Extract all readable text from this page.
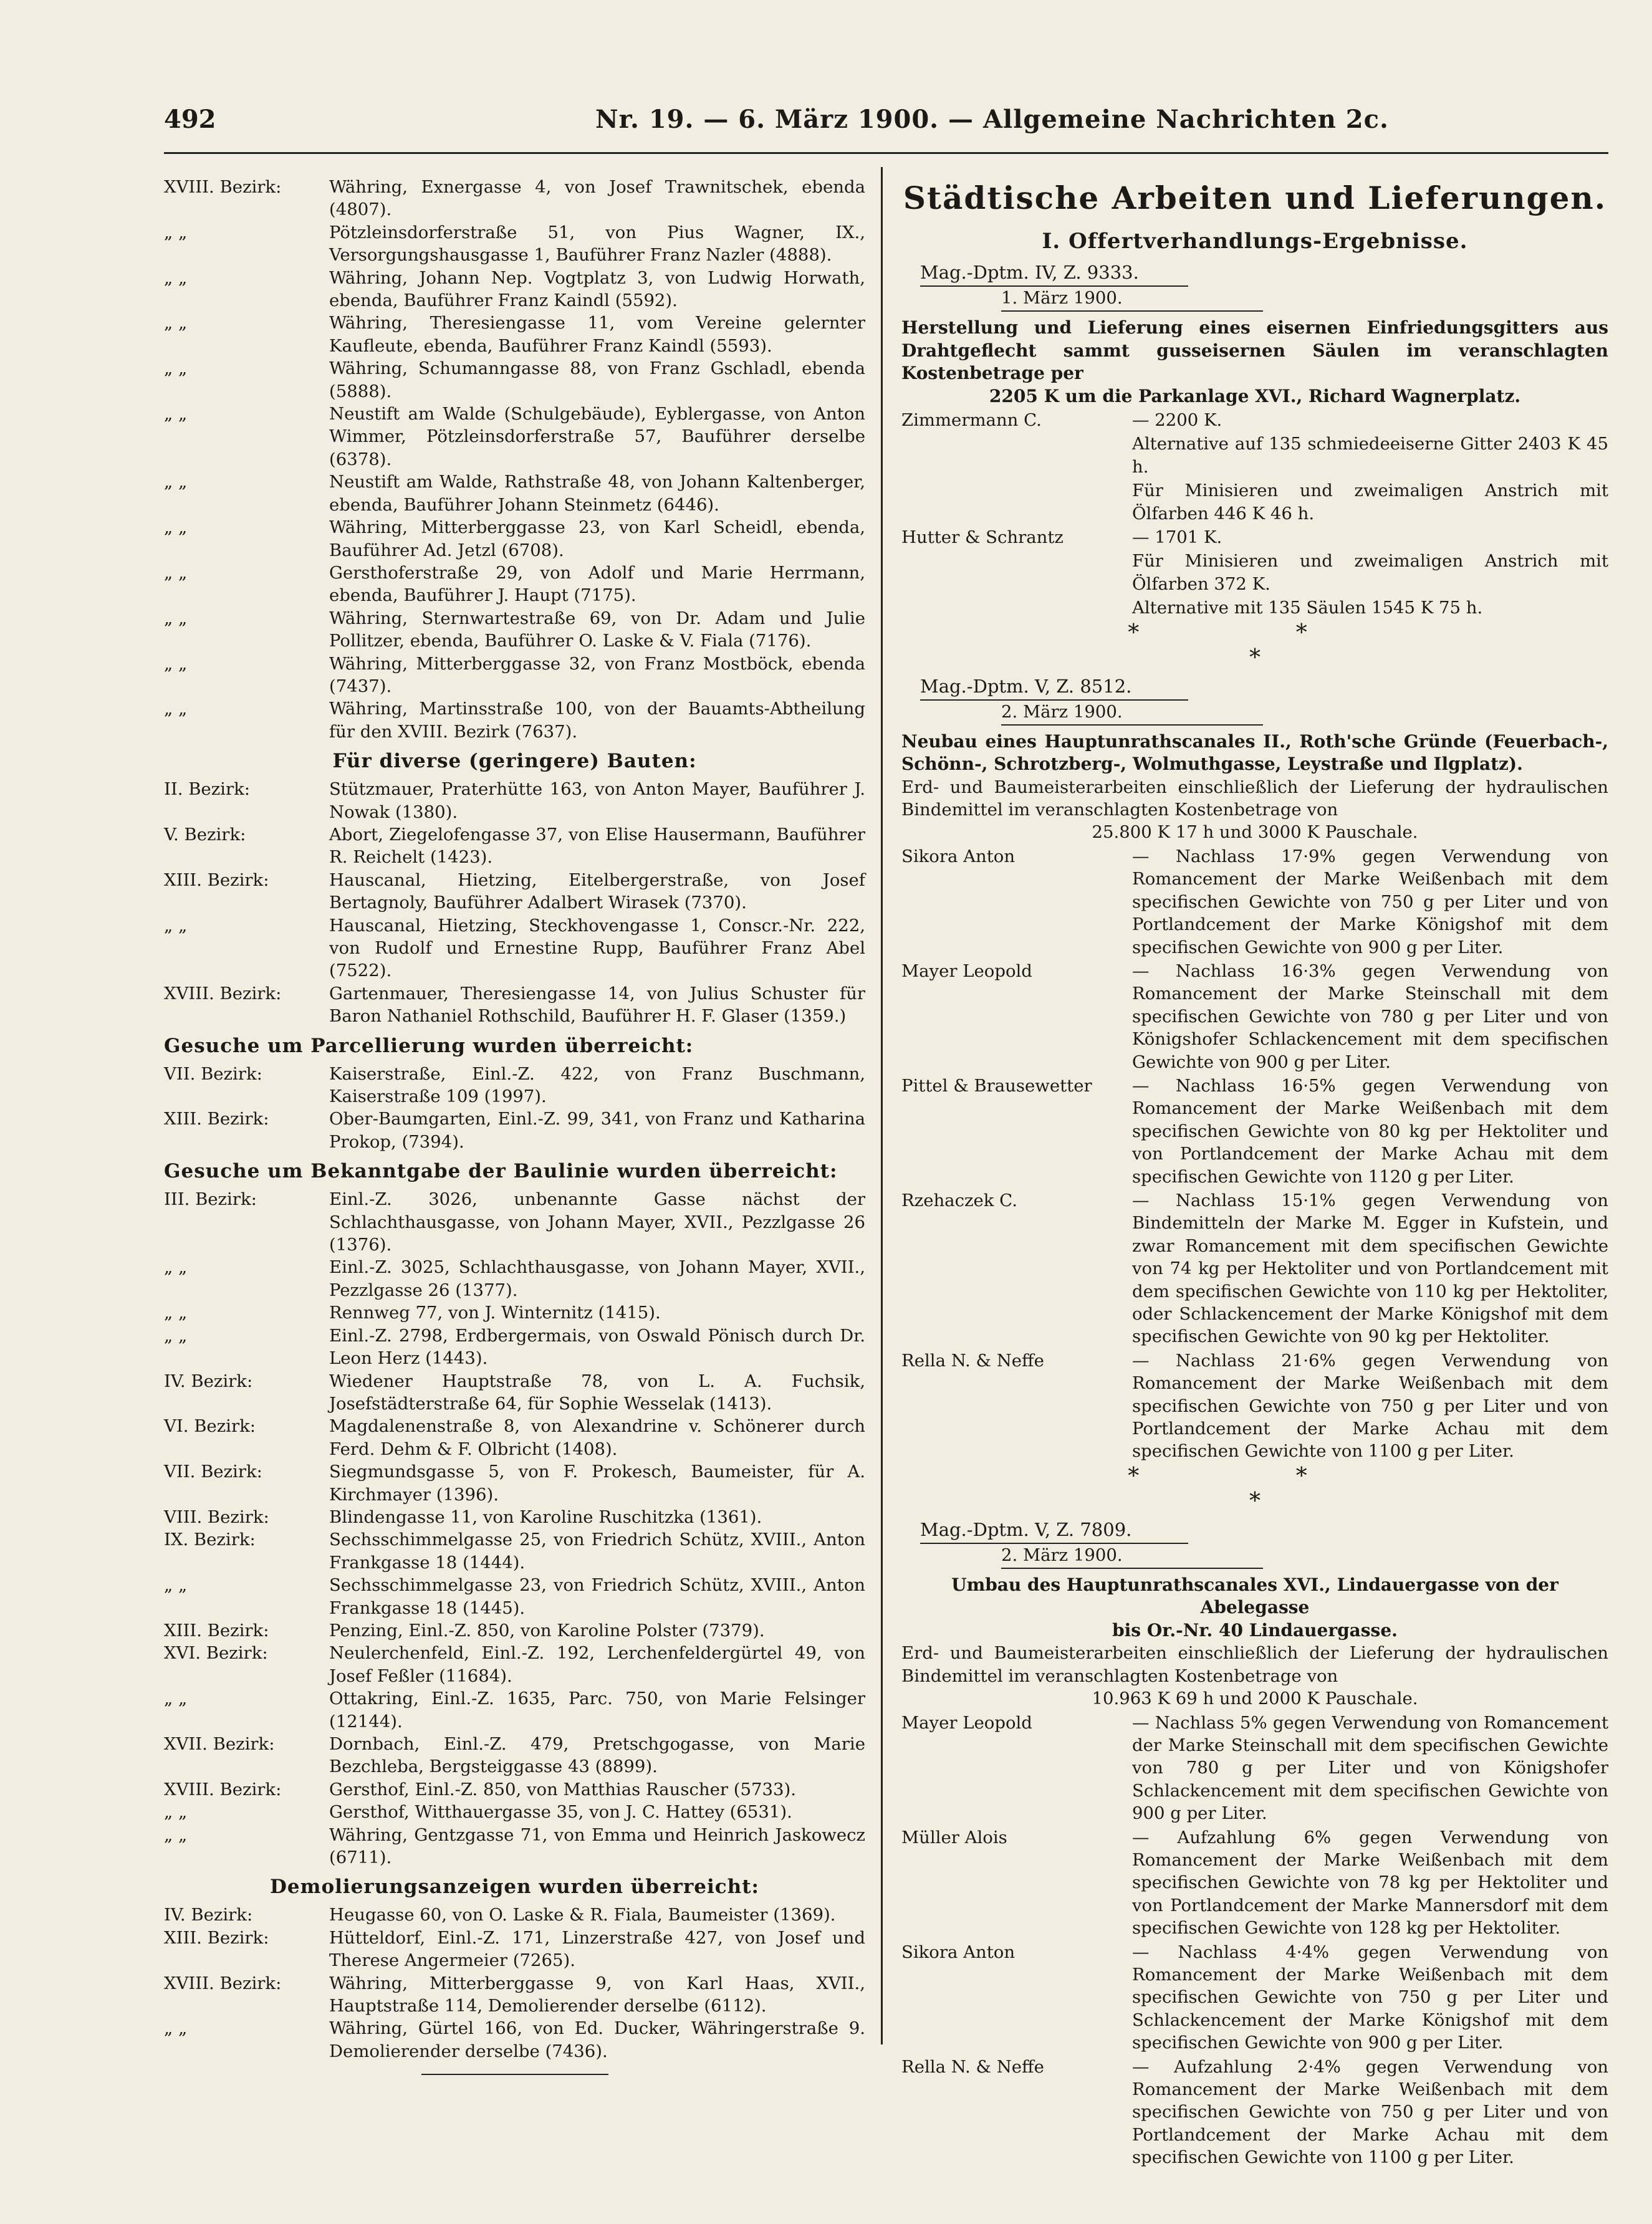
492	Nr. 19. — 6. März 1900. — Allgemeine Nachrichten 2c.
XVIII. Bezirk:	Währing, Exnergasse 4, von Josef Trawnitschek, ebenda (4807).
„ „	Pötzleinsdorferstraße 51, von Pius Wagner, IX., Versorgungshausgasse 1, Bauführer Franz Nazler (4888).
„ „	Währing, Johann Nep. Vogtplatz 3, von Ludwig Horwath, ebenda, Bauführer Franz Kaindl (5592).
„ „	Währing, Theresiengasse 11, vom Vereine gelernter Kaufleute, ebenda, Bauführer Franz Kaindl (5593).
„ „	Währing, Schumanngasse 88, von Franz Gschladl, ebenda (5888).
„ „	Neustift am Walde (Schulgebäude), Eyblergasse, von Anton Wimmer, Pötzleinsdorferstraße 57, Bauführer derselbe (6378).
„ „	Neustift am Walde, Rathstraße 48, von Johann Kaltenberger, ebenda, Bauführer Johann Steinmetz (6446).
„ „	Währing, Mitterberggasse 23, von Karl Scheidl, ebenda, Bauführer Ad. Jetzl (6708).
„ „	Gersthoferstraße 29, von Adolf und Marie Herrmann, ebenda, Bauführer J. Haupt (7175).
„ „	Währing, Sternwartestraße 69, von Dr. Adam und Julie Pollitzer, ebenda, Bauführer O. Laske & V. Fiala (7176).
„ „	Währing, Mitterberggasse 32, von Franz Mostböck, ebenda (7437).
„ „	Währing, Martinsstraße 100, von der Bauamts-Abtheilung für den XVIII. Bezirk (7637).
Für diverse (geringere) Bauten:
II. Bezirk:	Stützmauer, Praterhütte 163, von Anton Mayer, Bauführer J. Nowak (1380).
V. Bezirk:	Abort, Ziegelofengasse 37, von Elise Hausermann, Bauführer R. Reichelt (1423).
XIII. Bezirk:	Hauscanal, Hietzing, Eitelbergerstraße, von Josef Bertagnoly, Bauführer Adalbert Wirasek (7370).
„ „	Hauscanal, Hietzing, Steckhovengasse 1, Conscr.-Nr. 222, von Rudolf und Ernestine Rupp, Bauführer Franz Abel (7522).
XVIII. Bezirk:	Gartenmauer, Theresiengasse 14, von Julius Schuster für Baron Nathaniel Rothschild, Bauführer H. F. Glaser (1359.)
Gesuche um Parcellierung wurden überreicht:
VII. Bezirk:	Kaiserstraße, Einl.-Z. 422, von Franz Buschmann, Kaiserstraße 109 (1997).
XIII. Bezirk:	Ober-Baumgarten, Einl.-Z. 99, 341, von Franz und Katharina Prokop, (7394).
Gesuche um Bekanntgabe der Baulinie wurden überreicht:
III. Bezirk:	Einl.-Z. 3026, unbenannte Gasse nächst der Schlachthausgasse, von Johann Mayer, XVII., Pezzlgasse 26 (1376).
„ „	Einl.-Z. 3025, Schlachthausgasse, von Johann Mayer, XVII., Pezzlgasse 26 (1377).
„ „	Rennweg 77, von J. Winternitz (1415).
„ „	Einl.-Z. 2798, Erdbergermais, von Oswald Pönisch durch Dr. Leon Herz (1443).
IV. Bezirk:	Wiedener Hauptstraße 78, von L. A. Fuchsik, Josefstädterstraße 64, für Sophie Wesselak (1413).
VI. Bezirk:	Magdalenenstraße 8, von Alexandrine v. Schönerer durch Ferd. Dehm & F. Olbricht (1408).
VII. Bezirk:	Siegmundsgasse 5, von F. Prokesch, Baumeister, für A. Kirchmayer (1396).
VIII. Bezirk:	Blindengasse 11, von Karoline Ruschitzka (1361).
IX. Bezirk:	Sechsschimmelgasse 25, von Friedrich Schütz, XVIII., Anton Frankgasse 18 (1444).
„ „	Sechsschimmelgasse 23, von Friedrich Schütz, XVIII., Anton Frankgasse 18 (1445).
XIII. Bezirk:	Penzing, Einl.-Z. 850, von Karoline Polster (7379).
XVI. Bezirk:	Neulerchenfeld, Einl.-Z. 192, Lerchenfeldergürtel 49, von Josef Feßler (11684).
„ „	Ottakring, Einl.-Z. 1635, Parc. 750, von Marie Felsinger (12144).
XVII. Bezirk:	Dornbach, Einl.-Z. 479, Pretschgogasse, von Marie Bezchleba, Bergsteiggasse 43 (8899).
XVIII. Bezirk:	Gersthof, Einl.-Z. 850, von Matthias Rauscher (5733).
„ „	Gersthof, Witthauergasse 35, von J. C. Hattey (6531).
„ „	Währing, Gentzgasse 71, von Emma und Heinrich Jaskowecz (6711).
Demolierungsanzeigen wurden überreicht:
IV. Bezirk:	Heugasse 60, von O. Laske & R. Fiala, Baumeister (1369).
XIII. Bezirk:	Hütteldorf, Einl.-Z. 171, Linzerstraße 427, von Josef und Therese Angermeier (7265).
XVIII. Bezirk:	Währing, Mitterberggasse 9, von Karl Haas, XVII., Hauptstraße 114, Demolierender derselbe (6112).
„ „	Währing, Gürtel 166, von Ed. Ducker, Währingerstraße 9. Demolierender derselbe (7436).
Städtische Arbeiten und Lieferungen.
I. Offertverhandlungs-Ergebnisse.
Mag.-Dptm. IV, Z. 9333.
1. März 1900.
Herstellung und Lieferung eines eisernen Einfriedungsgitters aus Drahtgeflecht sammt gusseisernen Säulen im veranschlagten Kostenbetrage per
2205 K um die Parkanlage XVI., Richard Wagnerplatz.
Zimmermann C.	— 2200 K.
Alternative auf 135 schmiedeeiserne Gitter 2403 K 45 h.
Für Minisieren und zweimaligen Anstrich mit Ölfarben 446 K 46 h.
Hutter & Schrantz	— 1701 K.
Für Minisieren und zweimaligen Anstrich mit Ölfarben 372 K.
Alternative mit 135 Säulen 1545 K 75 h.
* *
*
Mag.-Dptm. V, Z. 8512.
2. März 1900.
Neubau eines Hauptunrathscanales II., Roth'sche Gründe (Feuerbach-, Schönn-, Schrotzberg-, Wolmuthgasse, Leystraße und Ilgplatz).
Erd- und Baumeisterarbeiten einschließlich der Lieferung der hydraulischen Bindemittel im veranschlagten Kostenbetrage von
25.800 K 17 h und 3000 K Pauschale.
Sikora Anton	— Nachlass 17·9% gegen Verwendung von Romancement der Marke Weißenbach mit dem specifischen Gewichte von 750 g per Liter und von Portlandcement der Marke Königshof mit dem specifischen Gewichte von 900 g per Liter.
Mayer Leopold	— Nachlass 16·3% gegen Verwendung von Romancement der Marke Steinschall mit dem specifischen Gewichte von 780 g per Liter und von Königshofer Schlackencement mit dem specifischen Gewichte von 900 g per Liter.
Pittel & Brausewetter	— Nachlass 16·5% gegen Verwendung von Romancement der Marke Weißenbach mit dem specifischen Gewichte von 80 kg per Hektoliter und von Portlandcement der Marke Achau mit dem specifischen Gewichte von 1120 g per Liter.
Rzehaczek C.	— Nachlass 15·1% gegen Verwendung von Bindemitteln der Marke M. Egger in Kufstein, und zwar Romancement mit dem specifischen Gewichte von 74 kg per Hektoliter und von Portlandcement mit dem specifischen Gewichte von 110 kg per Hektoliter, oder Schlackencement der Marke Königshof mit dem specifischen Gewichte von 90 kg per Hektoliter.
Rella N. & Neffe	— Nachlass 21·6% gegen Verwendung von Romancement der Marke Weißenbach mit dem specifischen Gewichte von 750 g per Liter und von Portlandcement der Marke Achau mit dem specifischen Gewichte von 1100 g per Liter.
* *
*
Mag.-Dptm. V, Z. 7809.
2. März 1900.
Umbau des Hauptunrathscanales XVI., Lindauergasse von der Abelegasse
bis Or.-Nr. 40 Lindauergasse.
Erd- und Baumeisterarbeiten einschließlich der Lieferung der hydraulischen Bindemittel im veranschlagten Kostenbetrage von
10.963 K 69 h und 2000 K Pauschale.
Mayer Leopold	— Nachlass 5% gegen Verwendung von Romancement der Marke Steinschall mit dem specifischen Gewichte von 780 g per Liter und von Königshofer Schlackencement mit dem specifischen Gewichte von 900 g per Liter.
Müller Alois	— Aufzahlung 6% gegen Verwendung von Romancement der Marke Weißenbach mit dem specifischen Gewichte von 78 kg per Hektoliter und von Portlandcement der Marke Mannersdorf mit dem specifischen Gewichte von 128 kg per Hektoliter.
Sikora Anton	— Nachlass 4·4% gegen Verwendung von Romancement der Marke Weißenbach mit dem specifischen Gewichte von 750 g per Liter und Schlackencement der Marke Königshof mit dem specifischen Gewichte von 900 g per Liter.
Rella N. & Neffe	— Aufzahlung 2·4% gegen Verwendung von Romancement der Marke Weißenbach mit dem specifischen Gewichte von 750 g per Liter und von Portlandcement der Marke Achau mit dem specifischen Gewichte von 1100 g per Liter.
